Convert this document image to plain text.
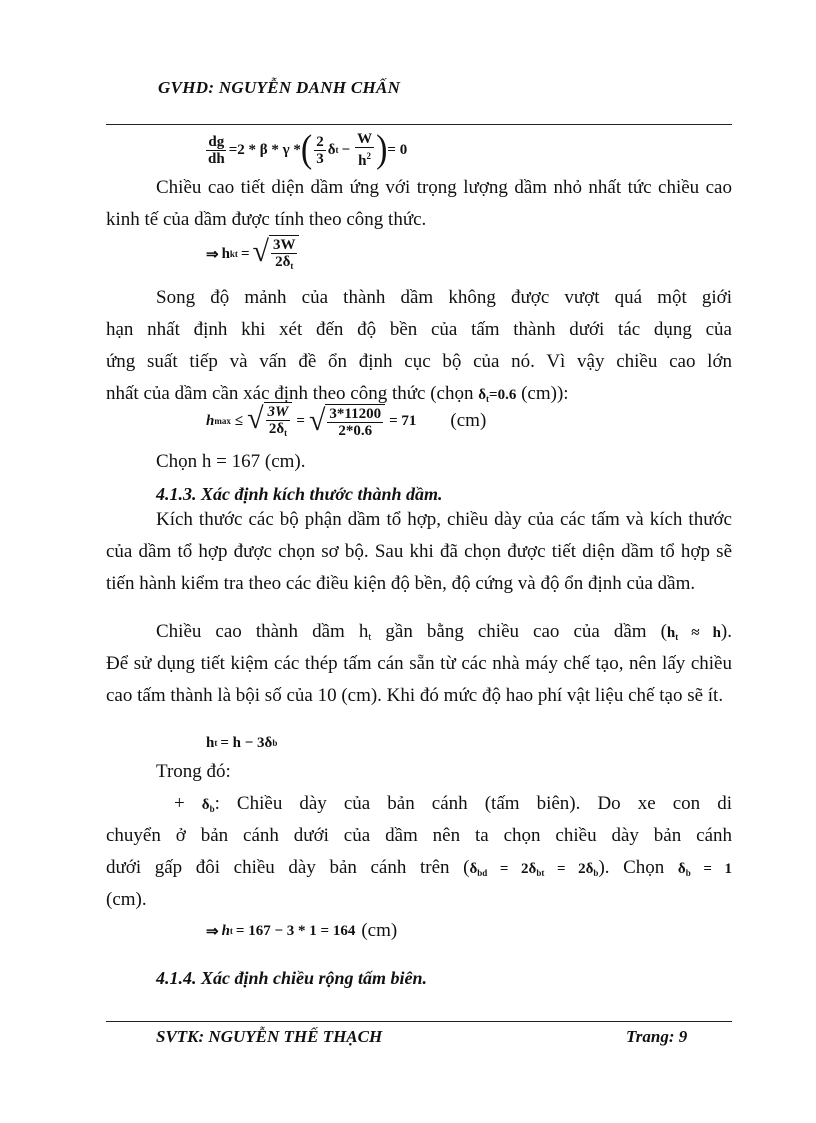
GVHD: NGUYỄN DANH CHẤN
$\frac{dg}{dh} =2 * \beta * \gamma$ * ( $\frac{2}{3}$ δ $t - \frac{W}{h^2}$ ) = 0
Chiều cao tiết diện dầm ứng với trọng lượng dầm nhỏ nhất tức chiều cao kinh tế của dầm được tính theo công thức.
⇒ h kt = √ $\frac{3W}{2\delta_t}$
Song độ mảnh của thành dầm không được vượt quá một giới
hạn nhất định khi xét đến độ bền của tấm thành dưới tác dụng của
ứng suất tiếp và vấn đề ổn định cục bộ của nó. Vì vậy chiều cao lớn
nhất của dầm cần xác định theo công thức (chọn $\delta_t=0.6$ (cm)):
h max ≤ √ $\frac{3W}{2\delta_t}$ = √ $\frac{3*11200}{2*0.6} = 71$ (cm)
Chọn h = 167 (cm).
4.1.3. Xác định kích thước thành dầm.
Kích thước các bộ phận dầm tổ hợp, chiều dày của các tấm và kích thước của dầm tổ hợp được chọn sơ bộ. Sau khi đã chọn được tiết diện dầm tổ hợp sẽ tiến hành kiểm tra theo các điều kiện độ bền, độ cứng và độ ổn định của dầm.
Chiều cao thành dầm $h_t$ gần bằng chiều cao của dầm $(h_t \approx h)$.
Để sử dụng tiết kiệm các thép tấm cán sẵn từ các nhà máy chế tạo, nên lấy chiều cao tấm thành là bội số của 10 (cm). Khi đó mức độ hao phí vật liệu chế tạo sẽ ít.
h t = h − 3δ b
Trong đó:
+ $\delta_b$: Chiều dày của bản cánh (tấm biên). Do xe con di
chuyển ở bản cánh dưới của dầm nên ta chọn chiều dày bản cánh
dưới gấp đôi chiều dày bản cánh trên $(\delta_{bd} = 2\delta_{bt} = 2\delta_b)$. Chọn $\delta_b = 1$
(cm).
⇒ h t = 167 − 3 * 1 = 164 (cm)
4.1.4. Xác định chiều rộng tấm biên.
SVTK: NGUYỄN THẾ THẠCH	Trang: 9
